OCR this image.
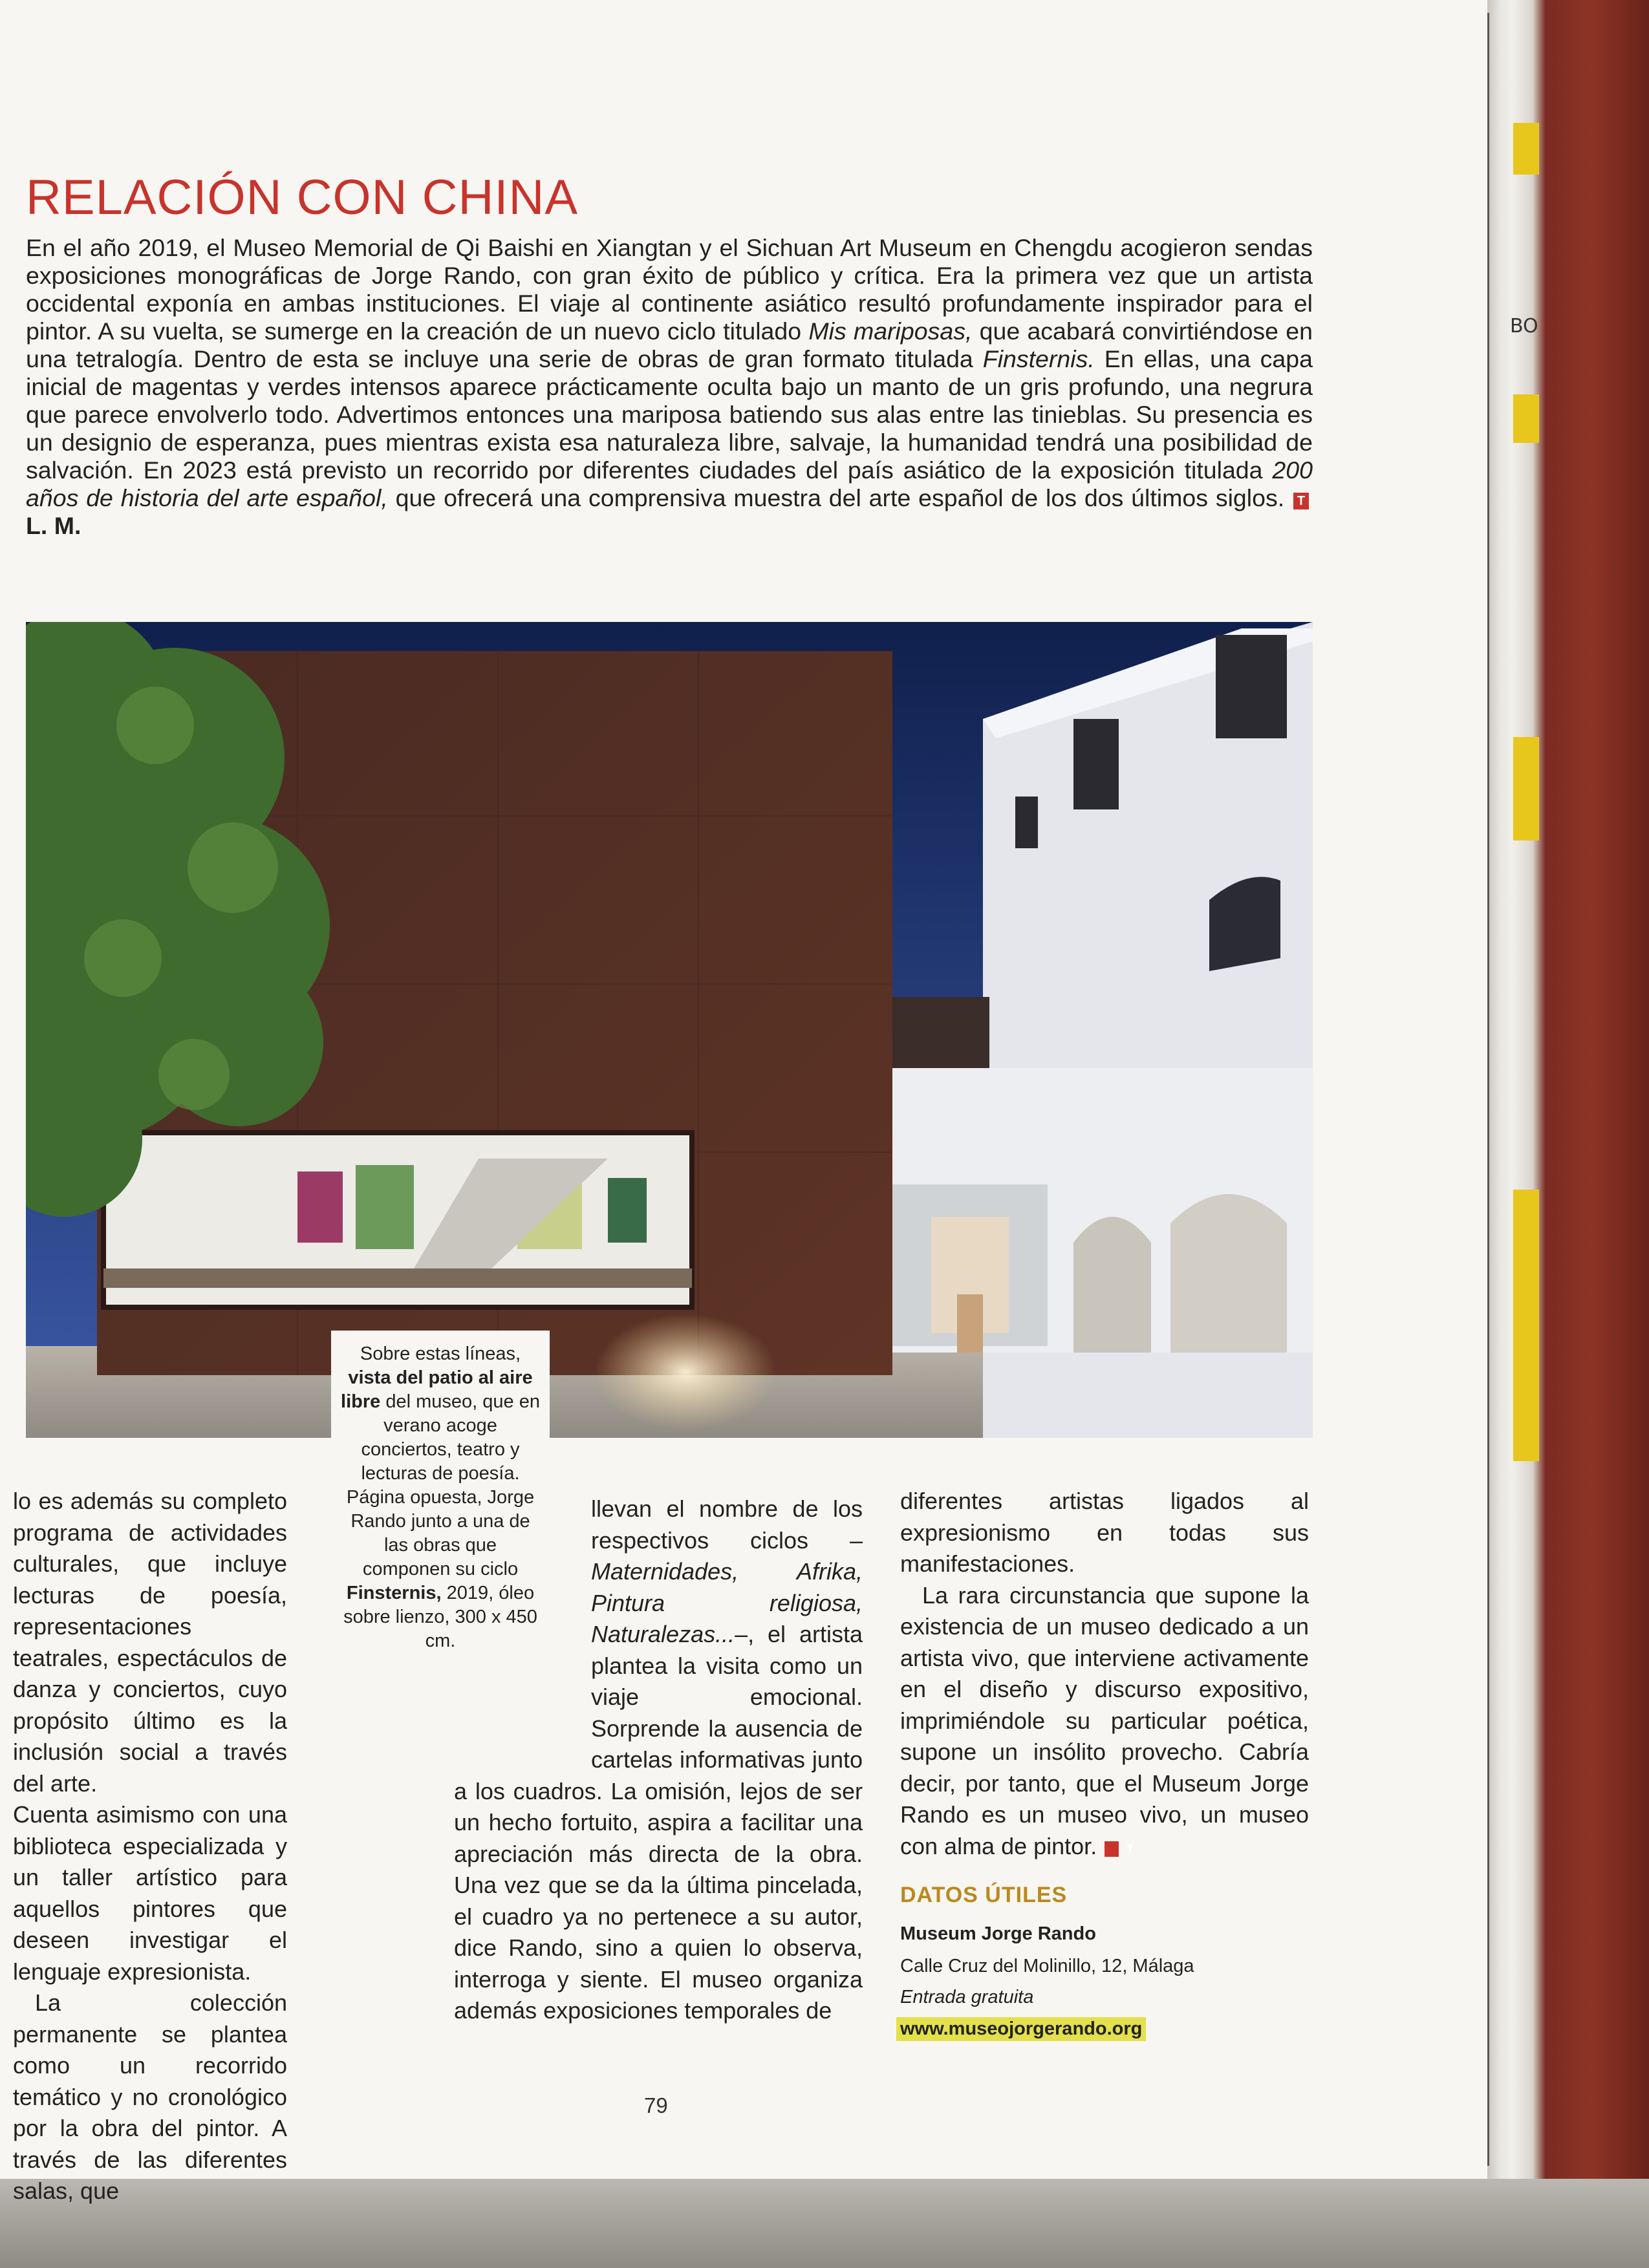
BO
RELACIÓN CON CHINA

En el año 2019, el Museo Memorial de Qi Baishi en Xiangtan y el Sichuan Art Museum en Chengdu acogieron sendas exposiciones monográficas de Jorge Rando, con gran éxito de público y crítica. Era la primera vez que un artista occidental exponía en ambas instituciones. El viaje al continente asiático resultó profundamente inspirador para el pintor. A su vuelta, se sumerge en la creación de un nuevo ciclo titulado Mis mariposas, que acabará convirtiéndose en una tetralogía. Dentro de esta se incluye una serie de obras de gran formato titulada Finsternis. En ellas, una capa inicial de magentas y verdes intensos aparece prácticamente oculta bajo un manto de un gris profundo, una negrura que parece envolverlo todo. Advertimos entonces una mariposa batiendo sus alas entre las tinieblas. Su presencia es un designio de esperanza, pues mientras exista esa naturaleza libre, salvaje, la humanidad tendrá una posibilidad de salvación. En 2023 está previsto un recorrido por diferentes ciudades del país asiático de la exposición titulada 200 años de historia del arte español, que ofrecerá una comprensiva muestra del arte español de los dos últimos siglos. TL. M.

Sobre estas líneas, vista del patio al aire libre del museo, que en verano acoge conciertos, teatro y lecturas de poesía. Página opuesta, Jorge Rando junto a una de las obras que componen su ciclo Finsternis, 2019, óleo sobre lienzo, 300 x 450 cm.

lo es además su completo programa de actividades culturales, que incluye lecturas de poesía, representaciones teatrales, espectáculos de danza y conciertos, cuyo propósito último es la inclusión social a través del arte.

Cuenta asimismo con una biblioteca especializada y un taller artístico para aquellos pintores que deseen investigar el lenguaje expresionista.

La colección permanente se plantea como un recorrido temático y no cronológico por la obra del pintor. A través de las diferentes salas, que

llevan el nombre de los respectivos ciclos –Maternidades, Afrika, Pintura religiosa, Naturalezas...–, el artista plantea la visita como un viaje emocional. Sorprende la ausencia de cartelas informativas junto a los cuadros. La omisión, lejos de ser un hecho fortuito, aspira a facilitar una apreciación más directa de la obra. Una vez que se da la última pincelada, el cuadro ya no pertenece a su autor, dice Rando, sino a quien lo observa, interroga y siente. El museo organiza además exposiciones temporales de

diferentes artistas ligados al expresionismo en todas sus manifestaciones.

La rara circunstancia que supone la existencia de un museo dedicado a un artista vivo, que interviene activamente en el diseño y discurso expositivo, imprimiéndole su particular poética, supone un insólito provecho. Cabría decir, por tanto, que el Museum Jorge Rando es un museo vivo, un museo con alma de pintor. T

DATOS ÚTILES
Museum Jorge Rando
Calle Cruz del Molinillo, 12, Málaga
Entrada gratuita
www.museojorgerando.org
79
